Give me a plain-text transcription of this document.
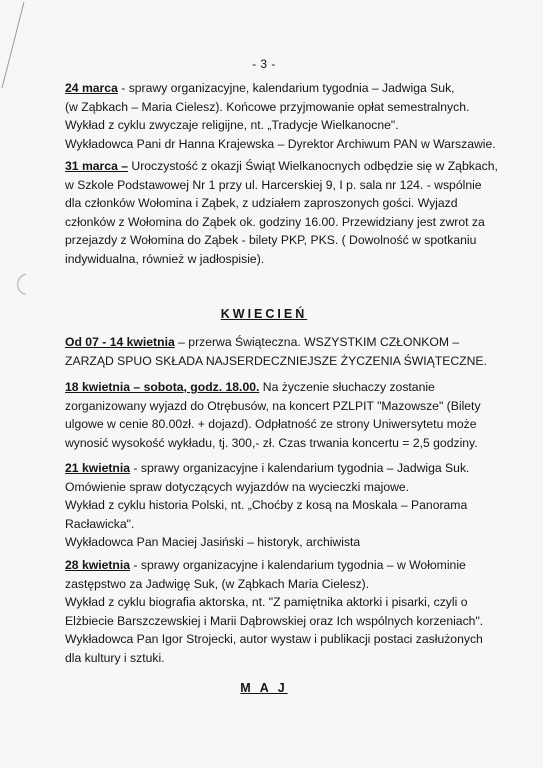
- 3 -
24 marca - sprawy organizacyjne, kalendarium tygodnia – Jadwiga Suk,
(w Ząbkach – Maria Cielesz). Końcowe przyjmowanie opłat semestralnych.
Wykład z cyklu zwyczaje religijne, nt. „Tradycje Wielkanocne".
Wykładowca Pani dr Hanna Krajewska – Dyrektor Archiwum PAN w Warszawie.
31 marca – Uroczystość z okazji Świąt Wielkanocnych odbędzie się w Ząbkach,
w Szkole Podstawowej Nr 1 przy ul. Harcerskiej 9, I p. sala nr 124. - wspólnie
dla członków Wołomina i Ząbek, z udziałem zaproszonych gości. Wyjazd
członków z Wołomina do Ząbek ok. godziny 16.00. Przewidziany jest zwrot za
przejazdy z Wołomina do Ząbek - bilety PKP, PKS. ( Dowolność w spotkaniu
indywidualna, również w jadłospisie).
KWIECIEŃ
Od 07 - 14 kwietnia – przerwa Świąteczna. WSZYSTKIM CZŁONKOM –
ZARZĄD SPUO SKŁADA NAJSERDECZNIEJSZE ŻYCZENIA ŚWIĄTECZNE.
18 kwietnia – sobota, godz. 18.00. Na życzenie słuchaczy zostanie
zorganizowany wyjazd do Otrębusów, na koncert PZLPIT "Mazowsze" (Bilety
ulgowe w cenie 80.00zł. + dojazd). Odpłatność ze strony Uniwersytetu może
wynosić wysokość wykładu, tj. 300,- zł. Czas trwania koncertu = 2,5 godziny.
21 kwietnia - sprawy organizacyjne i kalendarium tygodnia – Jadwiga Suk.
Omówienie spraw dotyczących wyjazdów na wycieczki majowe.
Wykład z cyklu historia Polski, nt. „Choćby z kosą na Moskala – Panorama
Racławicka".
Wykładowca Pan Maciej Jasiński – historyk, archiwista
28 kwietnia - sprawy organizacyjne i kalendarium tygodnia – w Wołominie
zastępstwo za Jadwigę Suk, (w Ząbkach Maria Cielesz).
Wykład z cyklu biografia aktorska, nt. "Z pamiętnika aktorki i pisarki, czyli o
Elżbiecie Barszczewskiej i Marii Dąbrowskiej oraz Ich wspólnych korzeniach".
Wykładowca Pan Igor Strojecki, autor wystaw i publikacji postaci zasłużonych
dla kultury i sztuki.
M A J
